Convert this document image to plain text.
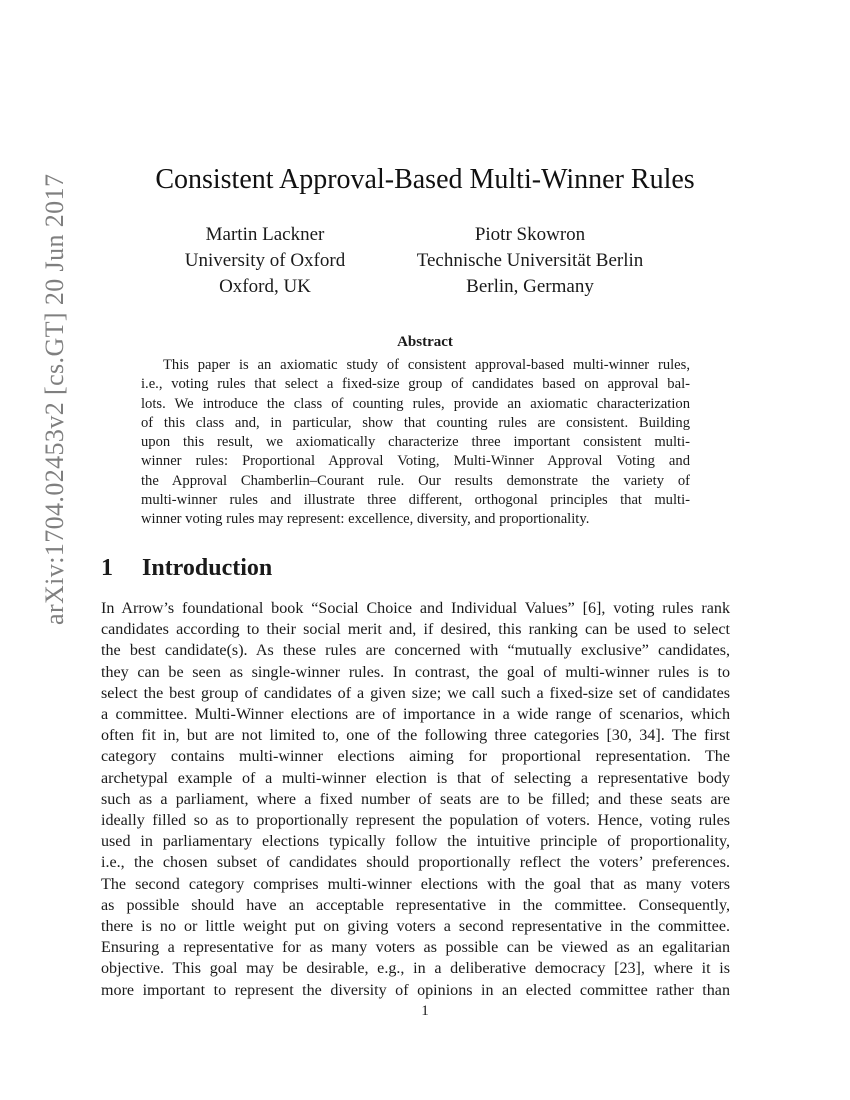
arXiv:1704.02453v2 [cs.GT] 20 Jun 2017	Consistent Approval-Based Multi-Winner Rules
Martin Lackner
University of Oxford
Oxford, UK
Piotr Skowron
Technische Universität Berlin
Berlin, Germany
Abstract
This paper is an axiomatic study of consistent approval-based multi-winner rules,
i.e., voting rules that select a fixed-size group of candidates based on approval bal-
lots. We introduce the class of counting rules, provide an axiomatic characterization
of this class and, in particular, show that counting rules are consistent. Building
upon this result, we axiomatically characterize three important consistent multi-
winner rules: Proportional Approval Voting, Multi-Winner Approval Voting and
the Approval Chamberlin–Courant rule. Our results demonstrate the variety of
multi-winner rules and illustrate three different, orthogonal principles that multi-
winner voting rules may represent: excellence, diversity, and proportionality.
1 Introduction
In Arrow’s foundational book “Social Choice and Individual Values” [6], voting rules rank
candidates according to their social merit and, if desired, this ranking can be used to select
the best candidate(s). As these rules are concerned with “mutually exclusive” candidates,
they can be seen as single-winner rules. In contrast, the goal of multi-winner rules is to
select the best group of candidates of a given size; we call such a fixed-size set of candidates
a committee. Multi-Winner elections are of importance in a wide range of scenarios, which
often fit in, but are not limited to, one of the following three categories [30, 34]. The first
category contains multi-winner elections aiming for proportional representation. The
archetypal example of a multi-winner election is that of selecting a representative body
such as a parliament, where a fixed number of seats are to be filled; and these seats are
ideally filled so as to proportionally represent the population of voters. Hence, voting rules
used in parliamentary elections typically follow the intuitive principle of proportionality,
i.e., the chosen subset of candidates should proportionally reflect the voters’ preferences.
The second category comprises multi-winner elections with the goal that as many voters
as possible should have an acceptable representative in the committee. Consequently,
there is no or little weight put on giving voters a second representative in the committee.
Ensuring a representative for as many voters as possible can be viewed as an egalitarian
objective. This goal may be desirable, e.g., in a deliberative democracy [23], where it is
more important to represent the diversity of opinions in an elected committee rather than
1
